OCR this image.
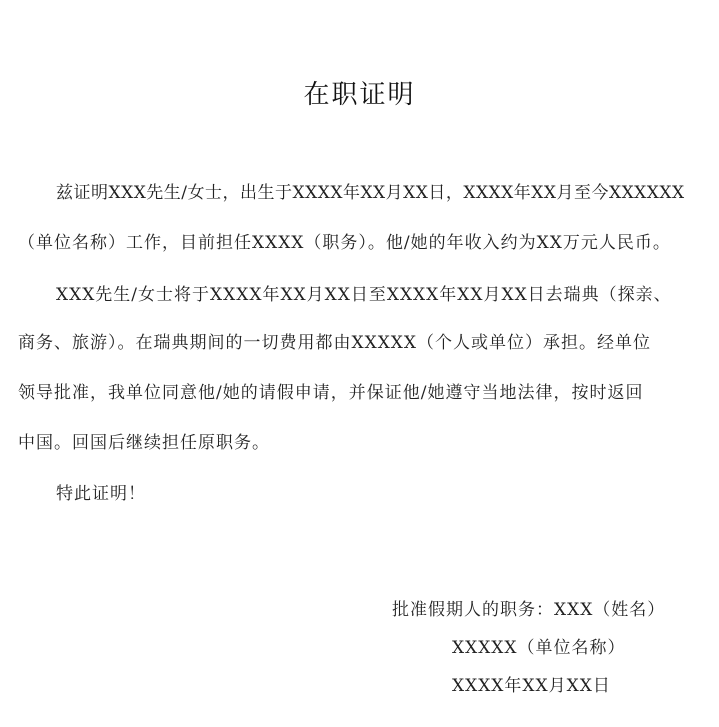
在职证明
兹证明XXX先生/女士，出生于XXXX年XX月XX日，XXXX年XX月至今XXXXXX
（单位名称）工作，目前担任XXXX（职务）。他/她的年收入约为XX万元人民币。
XXX先生/女士将于XXXX年XX月XX日至XXXX年XX月XX日去瑞典（探亲、
商务、旅游）。在瑞典期间的一切费用都由XXXXX（个人或单位）承担。经单位
领导批准，我单位同意他/她的请假申请，并保证他/她遵守当地法律，按时返回
中国。回国后继续担任原职务。
特此证明！
批准假期人的职务：XXX（姓名）
XXXXX（单位名称）
XXXX年XX月XX日
